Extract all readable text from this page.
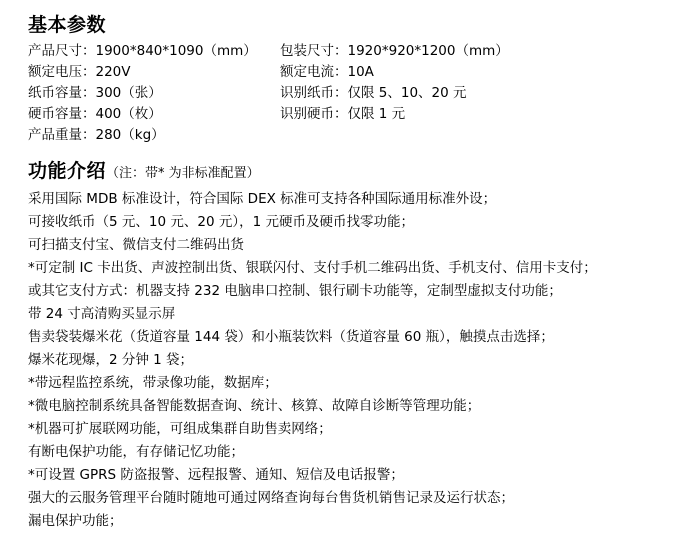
基本参数
产品尺寸：1900*840*1090（mm）	包装尺寸：1920*920*1200（mm）
额定电压：220V	额定电流：10A
纸币容量：300（张）	识别纸币：仅限 5、10、20 元
硬币容量：400（枚）	识别硬币：仅限 1 元
产品重量：280（kg）
功能介绍（注：带* 为非标准配置）
采用国际 MDB 标准设计，符合国际 DEX 标准可支持各种国际通用标准外设；
可接收纸币（5 元、10 元、20 元），1 元硬币及硬币找零功能；
可扫描支付宝、微信支付二维码出货
*可定制 IC 卡出货、声波控制出货、银联闪付、支付手机二维码出货、手机支付、信用卡支付；
或其它支付方式：机器支持 232 电脑串口控制、银行刷卡功能等，定制型虚拟支付功能；
带 24 寸高清购买显示屏
售卖袋装爆米花（货道容量 144 袋）和小瓶装饮料（货道容量 60 瓶），触摸点击选择；
爆米花现爆，2 分钟 1 袋；
*带远程监控系统，带录像功能，数据库；
*微电脑控制系统具备智能数据查询、统计、核算、故障自诊断等管理功能；
*机器可扩展联网功能，可组成集群自助售卖网络；
有断电保护功能，有存储记忆功能；
*可设置 GPRS 防盗报警、远程报警、通知、短信及电话报警；
强大的云服务管理平台随时随地可通过网络查询每台售货机销售记录及运行状态；
漏电保护功能；
